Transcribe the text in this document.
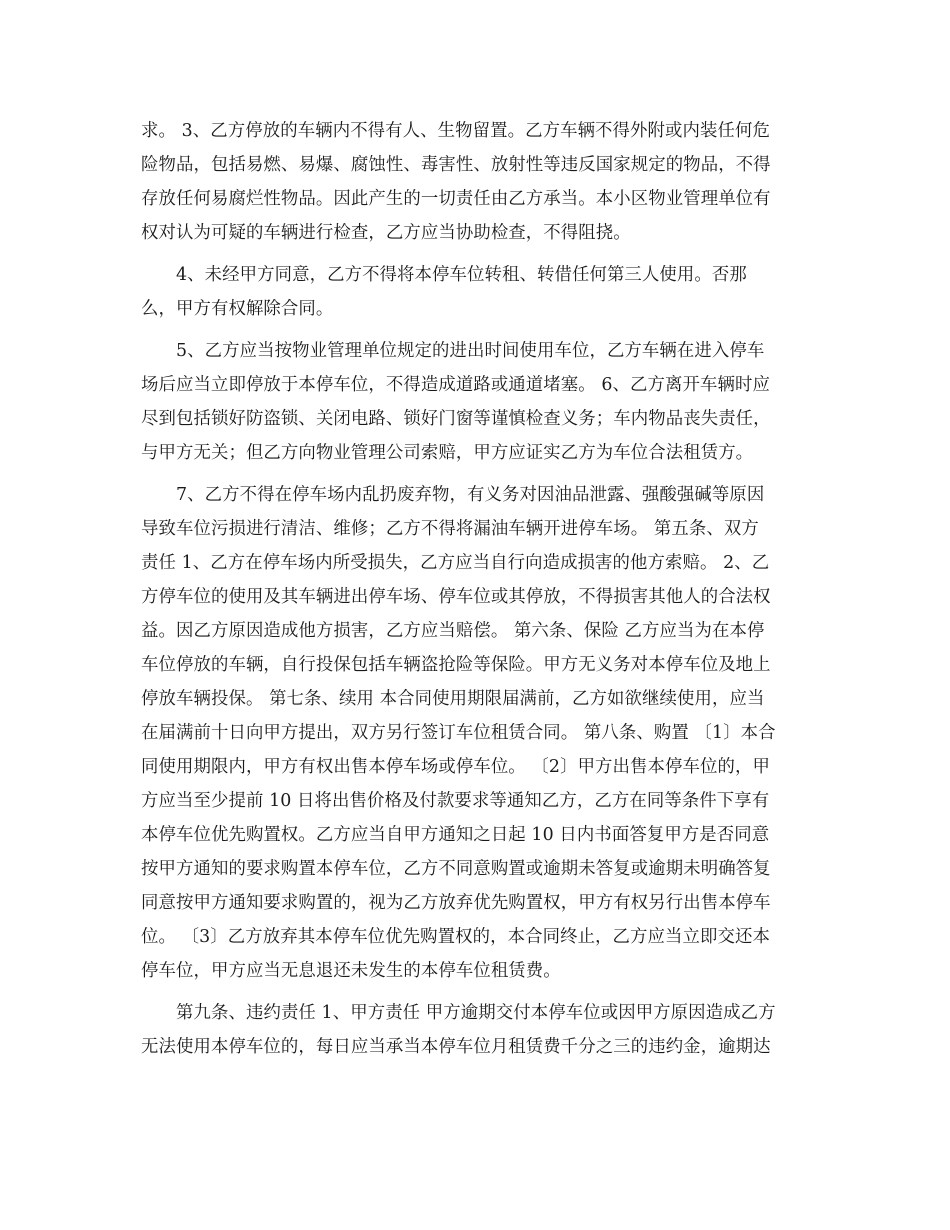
求。 3、乙方停放的车辆内不得有人、生物留置。乙方车辆不得外附或内装任何危
险物品，包括易燃、易爆、腐蚀性、毒害性、放射性等违反国家规定的物品，不得
存放任何易腐烂性物品。因此产生的一切责任由乙方承当。本小区物业管理单位有
权对认为可疑的车辆进行检查，乙方应当协助检查，不得阻挠。
4、未经甲方同意，乙方不得将本停车位转租、转借任何第三人使用。否那
么，甲方有权解除合同。
5、乙方应当按物业管理单位规定的进出时间使用车位，乙方车辆在进入停车
场后应当立即停放于本停车位，不得造成道路或通道堵塞。 6、乙方离开车辆时应
尽到包括锁好防盗锁、关闭电路、锁好门窗等谨慎检查义务；车内物品丧失责任，
与甲方无关；但乙方向物业管理公司索赔，甲方应证实乙方为车位合法租赁方。
7、乙方不得在停车场内乱扔废弃物，有义务对因油品泄露、强酸强碱等原因
导致车位污损进行清洁、维修；乙方不得将漏油车辆开进停车场。 第五条、双方
责任 1、乙方在停车场内所受损失，乙方应当自行向造成损害的他方索赔。 2、乙
方停车位的使用及其车辆进出停车场、停车位或其停放，不得损害其他人的合法权
益。因乙方原因造成他方损害，乙方应当赔偿。 第六条、保险 乙方应当为在本停
车位停放的车辆，自行投保包括车辆盗抢险等保险。甲方无义务对本停车位及地上
停放车辆投保。 第七条、续用 本合同使用期限届满前，乙方如欲继续使用，应当
在届满前十日向甲方提出，双方另行签订车位租赁合同。 第八条、购置 〔1〕本合
同使用期限内，甲方有权出售本停车场或停车位。 〔2〕甲方出售本停车位的，甲
方应当至少提前 10 日将出售价格及付款要求等通知乙方，乙方在同等条件下享有
本停车位优先购置权。乙方应当自甲方通知之日起 10 日内书面答复甲方是否同意
按甲方通知的要求购置本停车位，乙方不同意购置或逾期未答复或逾期未明确答复
同意按甲方通知要求购置的，视为乙方放弃优先购置权，甲方有权另行出售本停车
位。 〔3〕乙方放弃其本停车位优先购置权的，本合同终止，乙方应当立即交还本
停车位，甲方应当无息退还未发生的本停车位租赁费。
第九条、违约责任 1、甲方责任 甲方逾期交付本停车位或因甲方原因造成乙方
无法使用本停车位的，每日应当承当本停车位月租赁费千分之三的违约金，逾期达
